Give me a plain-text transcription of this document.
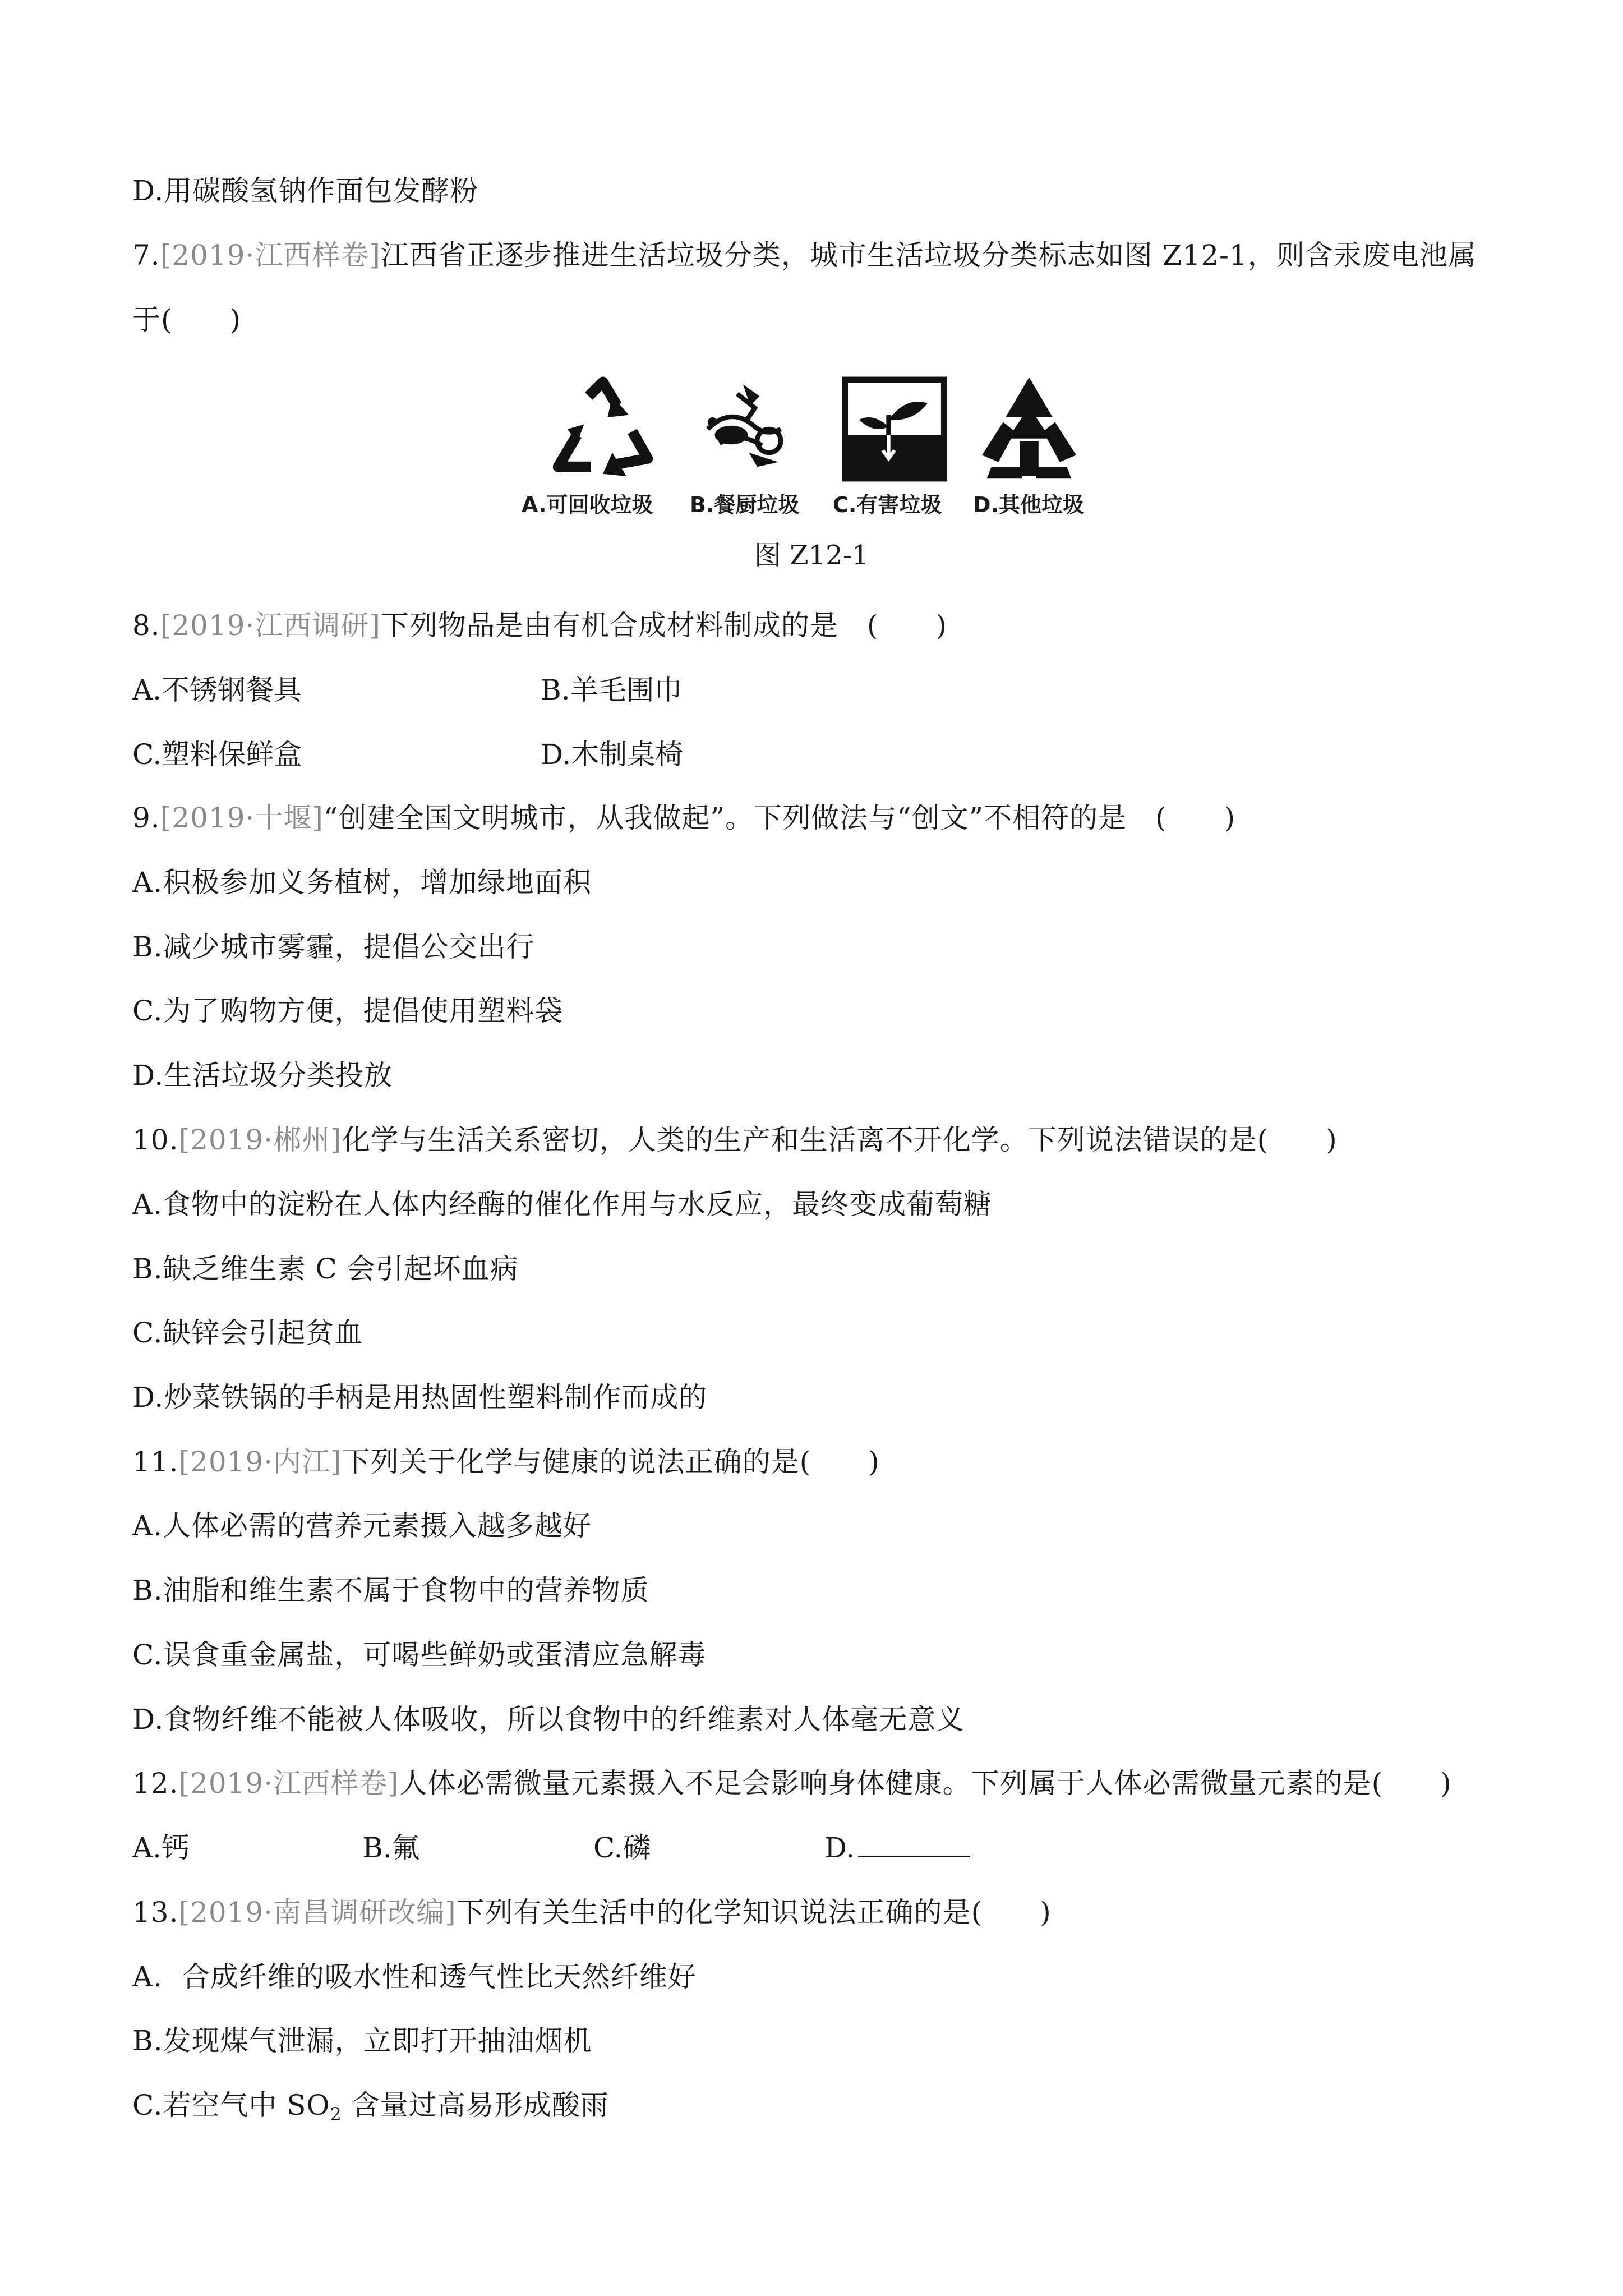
D.用碳酸氢钠作面包发酵粉
7.[2019·江西样卷]江西省正逐步推进生活垃圾分类，城市生活垃圾分类标志如图 Z12-1，则含汞废电池属
于(　　)

A.可回收垃圾

B.餐厨垃圾

C.有害垃圾

D.其他垃圾

图 Z12-1
8.[2019·江西调研]下列物品是由有机合成材料制成的是　(　　)
A.不锈钢餐具	B.羊毛围巾
C.塑料保鲜盒	D.木制桌椅
9.[2019·十堰]“创建全国文明城市，从我做起”。下列做法与“创文”不相符的是　(　　)
A.积极参加义务植树，增加绿地面积
B.减少城市雾霾，提倡公交出行
C.为了购物方便，提倡使用塑料袋
D.生活垃圾分类投放
10.[2019·郴州]化学与生活关系密切，人类的生产和生活离不开化学。下列说法错误的是(　　)
A.食物中的淀粉在人体内经酶的催化作用与水反应，最终变成葡萄糖
B.缺乏维生素 C 会引起坏血病
C.缺锌会引起贫血
D.炒菜铁锅的手柄是用热固性塑料制作而成的
11.[2019·内江]下列关于化学与健康的说法正确的是(　　)
A.人体必需的营养元素摄入越多越好
B.油脂和维生素不属于食物中的营养物质
C.误食重金属盐，可喝些鲜奶或蛋清应急解毒
D.食物纤维不能被人体吸收，所以食物中的纤维素对人体毫无意义
12.[2019·江西样卷]人体必需微量元素摄入不足会影响身体健康。下列属于人体必需微量元素的是(　　)
A.钙	B.氟	C.磷	D.
13.[2019·南昌调研改编]下列有关生活中的化学知识说法正确的是(　　)
A.  合成纤维的吸水性和透气性比天然纤维好
B.发现煤气泄漏，立即打开抽油烟机
C.若空气中 $SO_2$ 含量过高易形成酸雨
